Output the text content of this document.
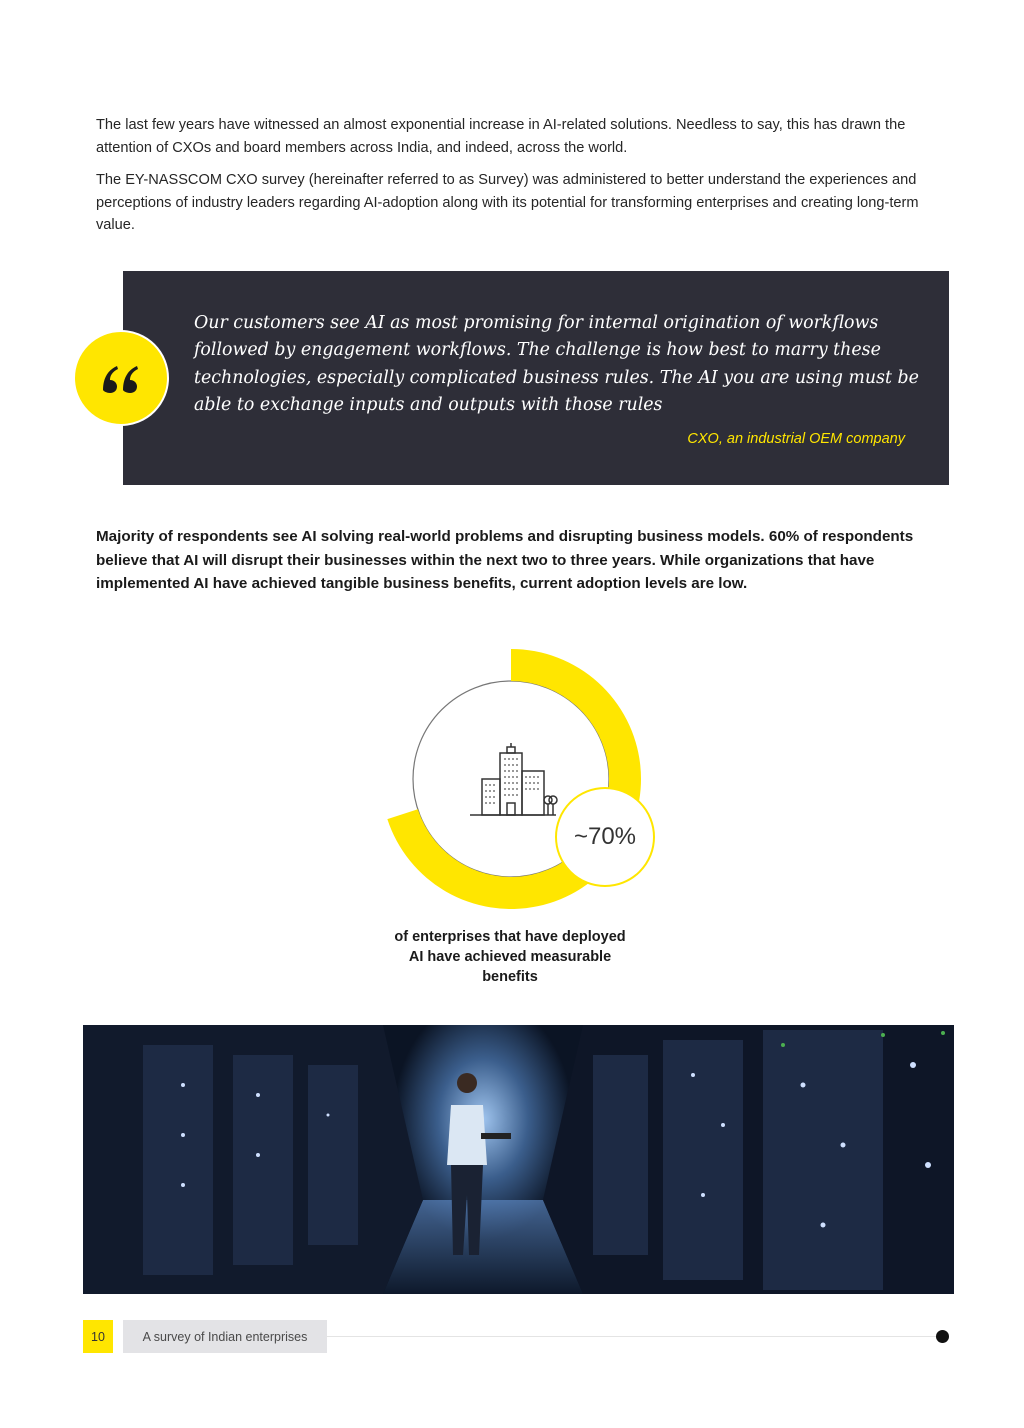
The last few years have witnessed an almost exponential increase in AI-related solutions. Needless to say, this has drawn the attention of CXOs and board members across India, and indeed, across the world.

The EY-NASSCOM CXO survey (hereinafter referred to as Survey) was administered to better understand the experiences and perceptions of industry leaders regarding AI-adoption along with its potential for transforming enterprises and creating long-term value.

Our customers see AI as most promising for internal origination of workflows followed by engagement workflows. The challenge is how best to marry these technologies, especially complicated business rules. The AI you are using must be able to exchange inputs and outputs with those rules

CXO, an industrial OEM company

Majority of respondents see AI solving real-world problems and disrupting business models. 60% of respondents believe that AI will disrupt their businesses within the next two to three years. While organizations that have implemented AI have achieved tangible business benefits, current adoption levels are low.

~70%

of enterprises that have deployed AI have achieved measurable benefits

10	A survey of Indian enterprises
